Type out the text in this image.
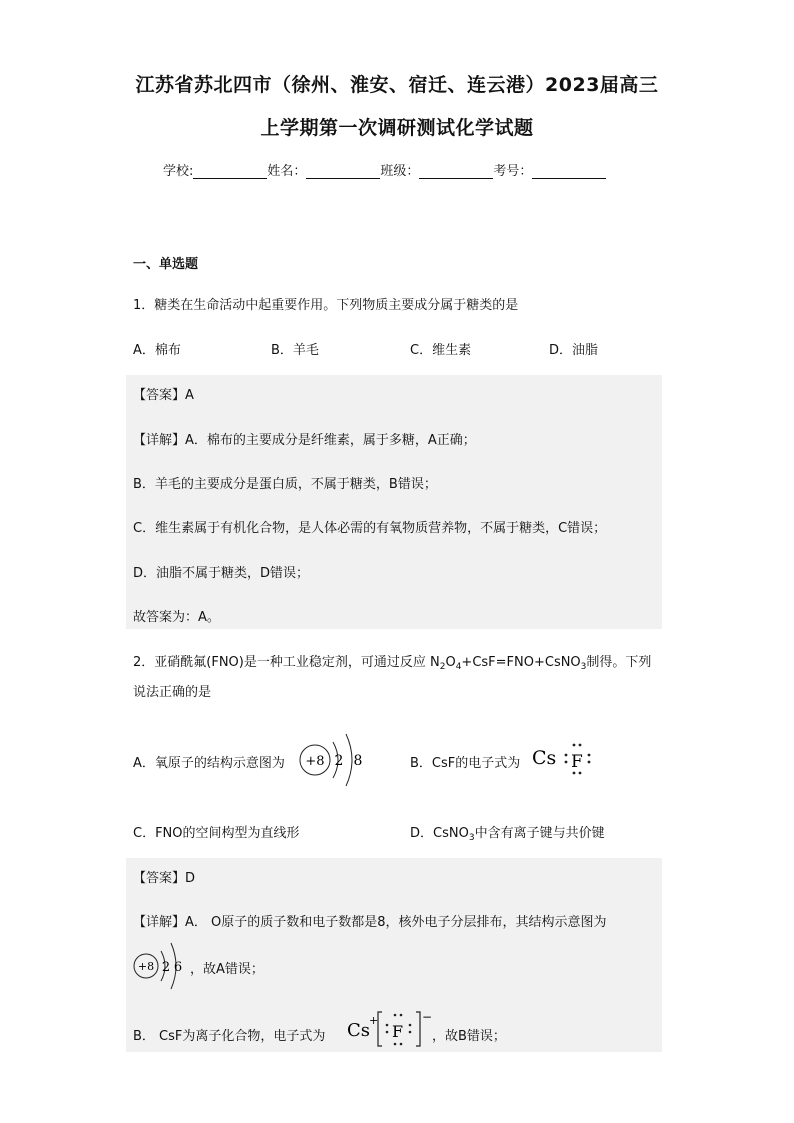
江苏省苏北四市（徐州、淮安、宿迁、连云港）2023届高三
上学期第一次调研测试化学试题
学校:	姓名：	班级：	考号：
一、单选题
1．糖类在生命活动中起重要作用。下列物质主要成分属于糖类的是
A．棉布	B．羊毛	C．维生素	D．油脂
【答案】A
【详解】A．棉布的主要成分是纤维素，属于多糖，A正确；
B．羊毛的主要成分是蛋白质，不属于糖类，B错误；
C．维生素属于有机化合物，是人体必需的有氧物质营养物，不属于糖类，C错误；
D．油脂不属于糖类，D错误；
故答案为：A。
2．亚硝酰氟(FNO)是一种工业稳定剂，可通过反应 $N_2O_4+CsF=FNO+CsNO_3$制得。下列
说法正确的是
A．氧原子的结构示意图为 +8 2 8	B．CsF的电子式为 Cs F
C．FNO的空间构型为直线形	D．CsNO$_3$中含有离子键与共价键
【答案】D
【详解】A． O原子的质子数和电子数都是8，核外电子分层排布，其结构示意图为
+8 2 6 ，故A错误；
B． CsF为离子化合物，电子式为 Cs
+
F
−
，故B错误；
